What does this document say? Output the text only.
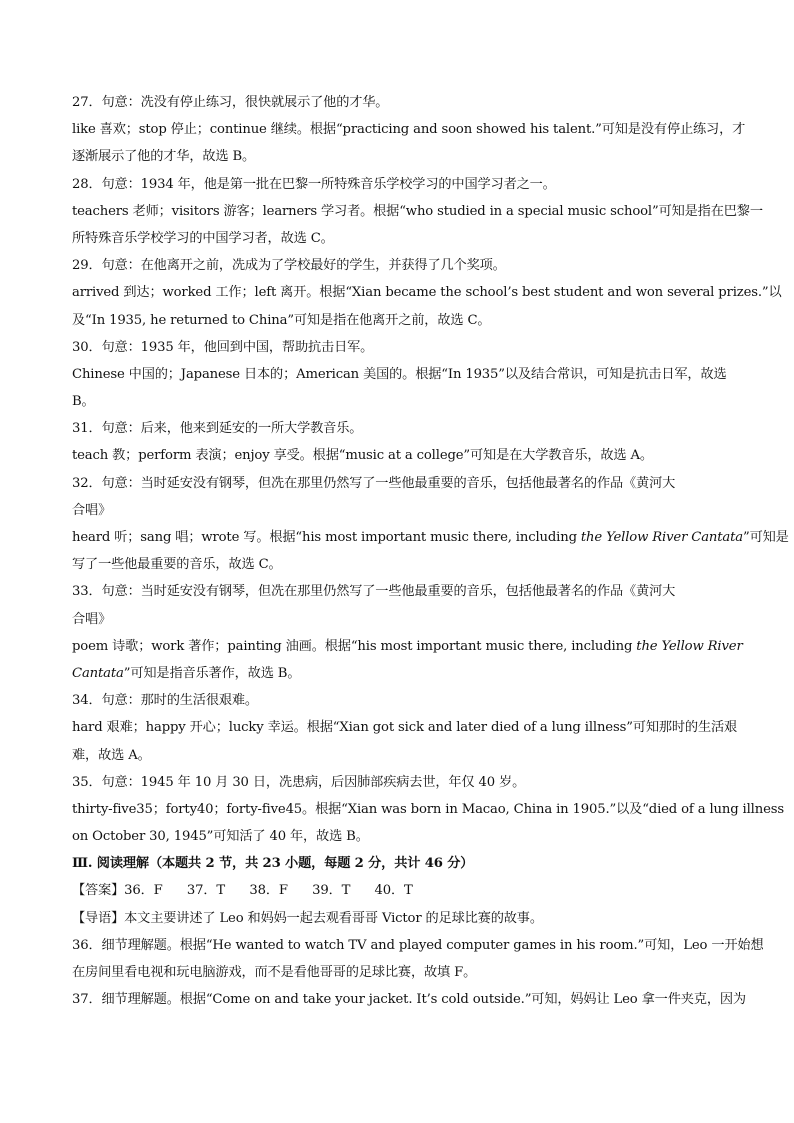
27．句意：冼没有停止练习，很快就展示了他的才华。
like 喜欢；stop 停止；continue 继续。根据“practicing and soon showed his talent.”可知是没有停止练习，才
逐渐展示了他的才华，故选 B。
28．句意：1934 年，他是第一批在巴黎一所特殊音乐学校学习的中国学习者之一。
teachers 老师；visitors 游客；learners 学习者。根据“who studied in a special music school”可知是指在巴黎一
所特殊音乐学校学习的中国学习者，故选 C。
29．句意：在他离开之前，冼成为了学校最好的学生，并获得了几个奖项。
arrived 到达；worked 工作；left 离开。根据“Xian became the school’s best student and won several prizes.”以
及“In 1935, he returned to China”可知是指在他离开之前，故选 C。
30．句意：1935 年，他回到中国，帮助抗击日军。
Chinese 中国的；Japanese 日本的；American 美国的。根据“In 1935”以及结合常识，可知是抗击日军，故选
B。
31．句意：后来，他来到延安的一所大学教音乐。
teach 教；perform 表演；enjoy 享受。根据“music at a college”可知是在大学教音乐，故选 A。
32．句意：当时延安没有钢琴，但冼在那里仍然写了一些他最重要的音乐，包括他最著名的作品《黄河大
合唱》
heard 听；sang 唱；wrote 写。根据“his most important music there, including the Yellow River Cantata”可知是
写了一些他最重要的音乐，故选 C。
33．句意：当时延安没有钢琴，但冼在那里仍然写了一些他最重要的音乐，包括他最著名的作品《黄河大
合唱》
poem 诗歌；work 著作；painting 油画。根据“his most important music there, including the Yellow River
Cantata”可知是指音乐著作，故选 B。
34．句意：那时的生活很艰难。
hard 艰难；happy 开心；lucky 幸运。根据“Xian got sick and later died of a lung illness”可知那时的生活艰
难，故选 A。
35．句意：1945 年 10 月 30 日，冼患病，后因肺部疾病去世，年仅 40 岁。
thirty-five35；forty40；forty-five45。根据“Xian was born in Macao, China in 1905.”以及“died of a lung illness
on October 30, 1945”可知活了 40 年，故选 B。
Ⅲ. 阅读理解（本题共 2 节，共 23 小题，每题 2 分，共计 46 分）
【答案】36．F      37．T      38．F      39．T      40．T
【导语】本文主要讲述了 Leo 和妈妈一起去观看哥哥 Victor 的足球比赛的故事。
36．细节理解题。根据“He wanted to watch TV and played computer games in his room.”可知，Leo 一开始想
在房间里看电视和玩电脑游戏，而不是看他哥哥的足球比赛，故填 F。
37．细节理解题。根据“Come on and take your jacket. It’s cold outside.”可知，妈妈让 Leo 拿一件夹克，因为
